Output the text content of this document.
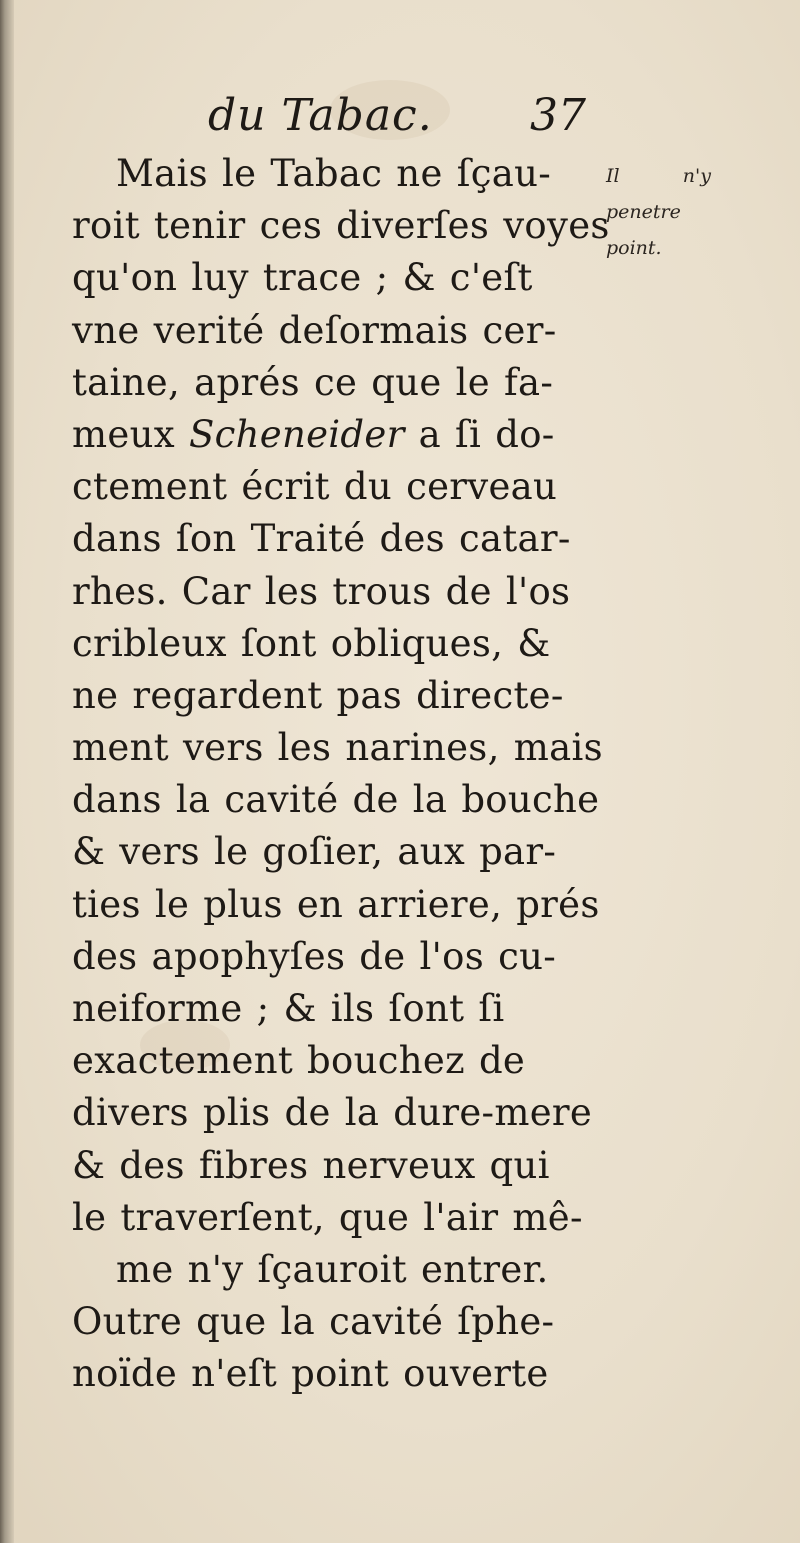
du Tabac. 37
Il	n'y
penetre
point.
Mais le Tabac ne ſçau-
roit tenir ces diverſes voyes
qu'on luy trace ; & c'eſt
vne verité deſormais cer-
taine, aprés ce que le fa-
meux Scheneider a ſi do-
ctement écrit du cerveau
dans ſon Traité des catar-
rhes. Car les trous de l'os
cribleux ſont obliques, &
ne regardent pas directe-
ment vers les narines, mais
dans la cavité de la bouche
& vers le goſier, aux par-
ties le plus en arriere, prés
des apophyſes de l'os cu-
neiforme ; & ils ſont ſi
exactement bouchez de
divers plis de la dure-mere
& des fibres nerveux qui
le traverſent, que l'air mê-
me n'y ſçauroit entrer.
Outre que la cavité ſphe-
noïde n'eſt point ouverte
